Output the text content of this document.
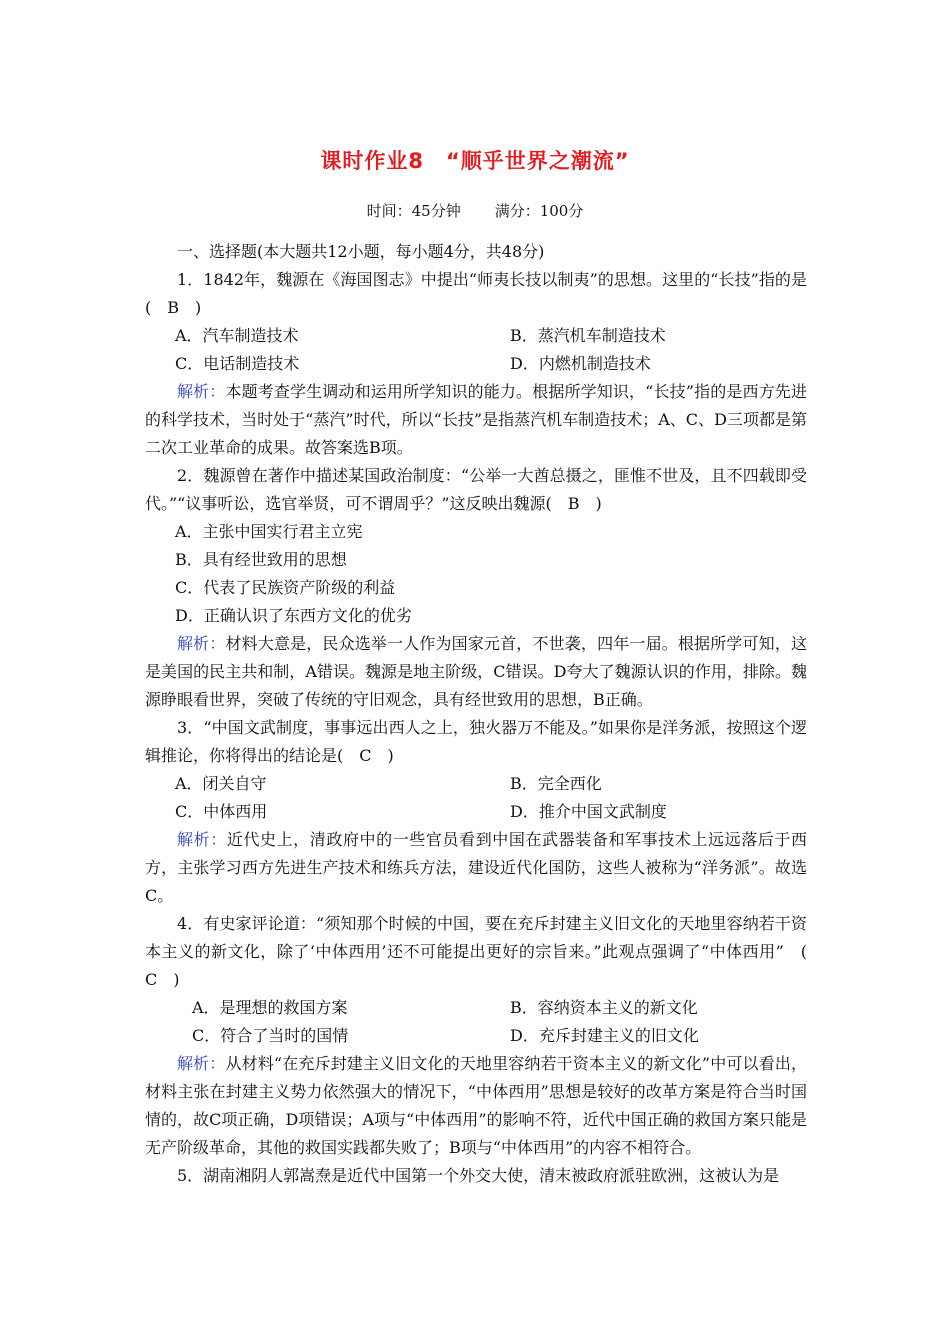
课时作业8　“顺乎世界之潮流”
时间：45分钟 满分：100分
一、选择题(本大题共12小题，每小题4分，共48分)
1．1842年，魏源在《海国图志》中提出“师夷长技以制夷”的思想。这里的“长技”指的是(　B　)
A．汽车制造技术	B．蒸汽机车制造技术
C．电话制造技术	D．内燃机制造技术
解析：本题考查学生调动和运用所学知识的能力。根据所学知识，“长技”指的是西方先进的科学技术，当时处于“蒸汽”时代，所以“长技”是指蒸汽机车制造技术；A、C、D三项都是第二次工业革命的成果。故答案选B项。
2．魏源曾在著作中描述某国政治制度：“公举一大酋总摄之，匪惟不世及，且不四载即受代。”“议事听讼，选官举贤，可不谓周乎？”这反映出魏源(　B　)
A．主张中国实行君主立宪
B．具有经世致用的思想
C．代表了民族资产阶级的利益
D．正确认识了东西方文化的优劣
解析：材料大意是，民众选举一人作为国家元首，不世袭，四年一届。根据所学可知，这是美国的民主共和制，A错误。魏源是地主阶级，C错误。D夸大了魏源认识的作用，排除。魏源睁眼看世界，突破了传统的守旧观念，具有经世致用的思想，B正确。
3．“中国文武制度，事事远出西人之上，独火器万不能及。”如果你是洋务派，按照这个逻辑推论，你将得出的结论是(　C　)
A．闭关自守	B．完全西化
C．中体西用	D．推介中国文武制度
解析：近代史上，清政府中的一些官员看到中国在武器装备和军事技术上远远落后于西方，主张学习西方先进生产技术和练兵方法，建设近代化国防，这些人被称为“洋务派”。故选C。
4．有史家评论道：“须知那个时候的中国，要在充斥封建主义旧文化的天地里容纳若干资本主义的新文化，除了‘中体西用’还不可能提出更好的宗旨来。”此观点强调了“中体西用”　(　C　)
A．是理想的救国方案	B．容纳资本主义的新文化
C．符合了当时的国情	D．充斥封建主义的旧文化
解析：从材料“在充斥封建主义旧文化的天地里容纳若干资本主义的新文化”中可以看出，材料主张在封建主义势力依然强大的情况下，“中体西用”思想是较好的改革方案是符合当时国情的，故C项正确，D项错误；A项与“中体西用”的影响不符，近代中国正确的救国方案只能是无产阶级革命，其他的救国实践都失败了；B项与“中体西用”的内容不相符合。
5．湖南湘阴人郭嵩焘是近代中国第一个外交大使，清末被政府派驻欧洲，这被认为是
